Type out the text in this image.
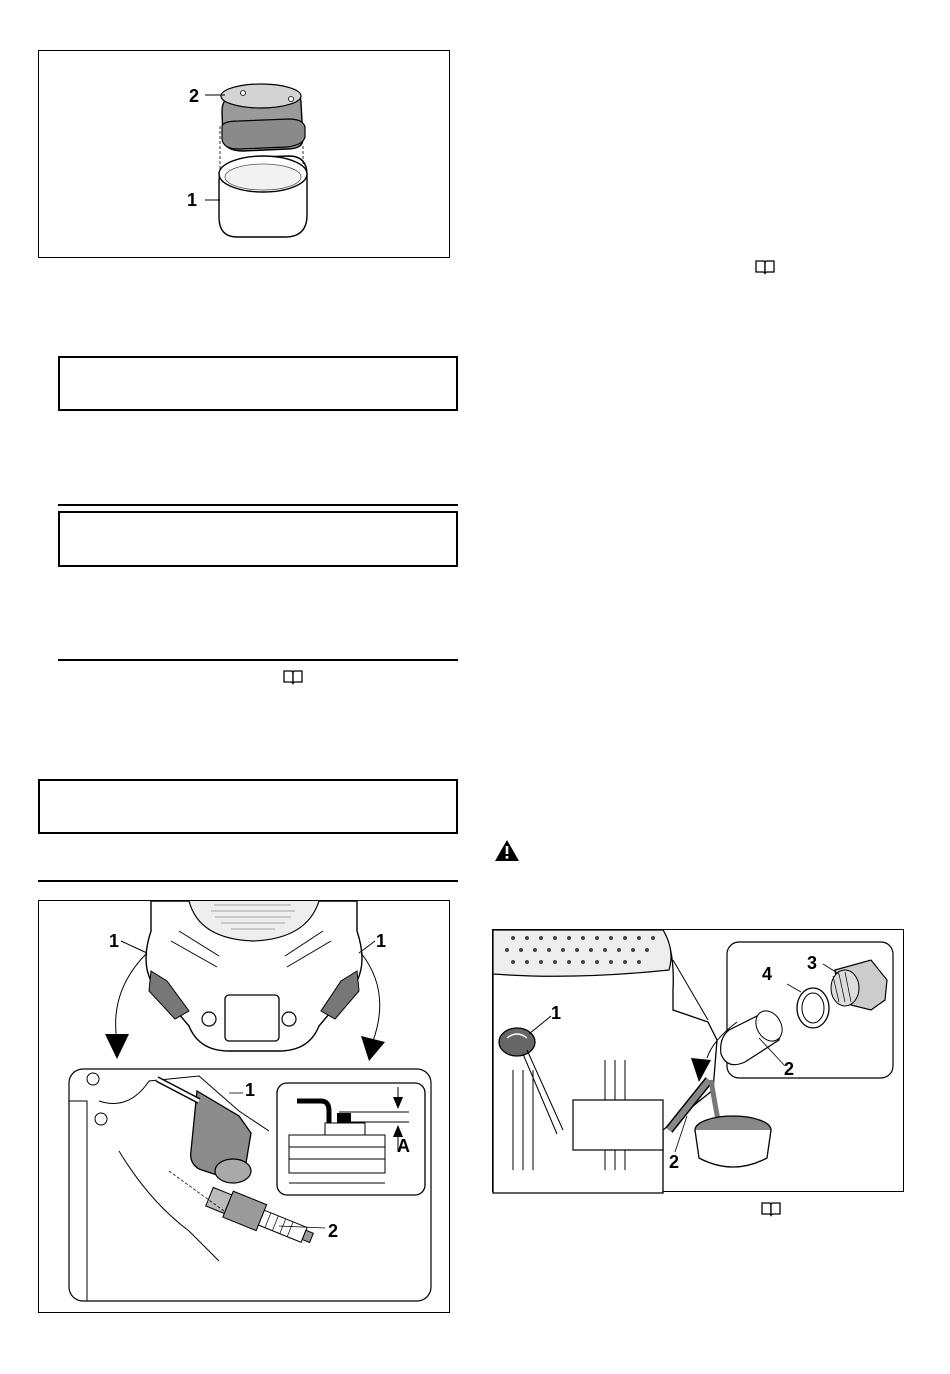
2
1
1	1
1
A
2
1
4
3
2
2
